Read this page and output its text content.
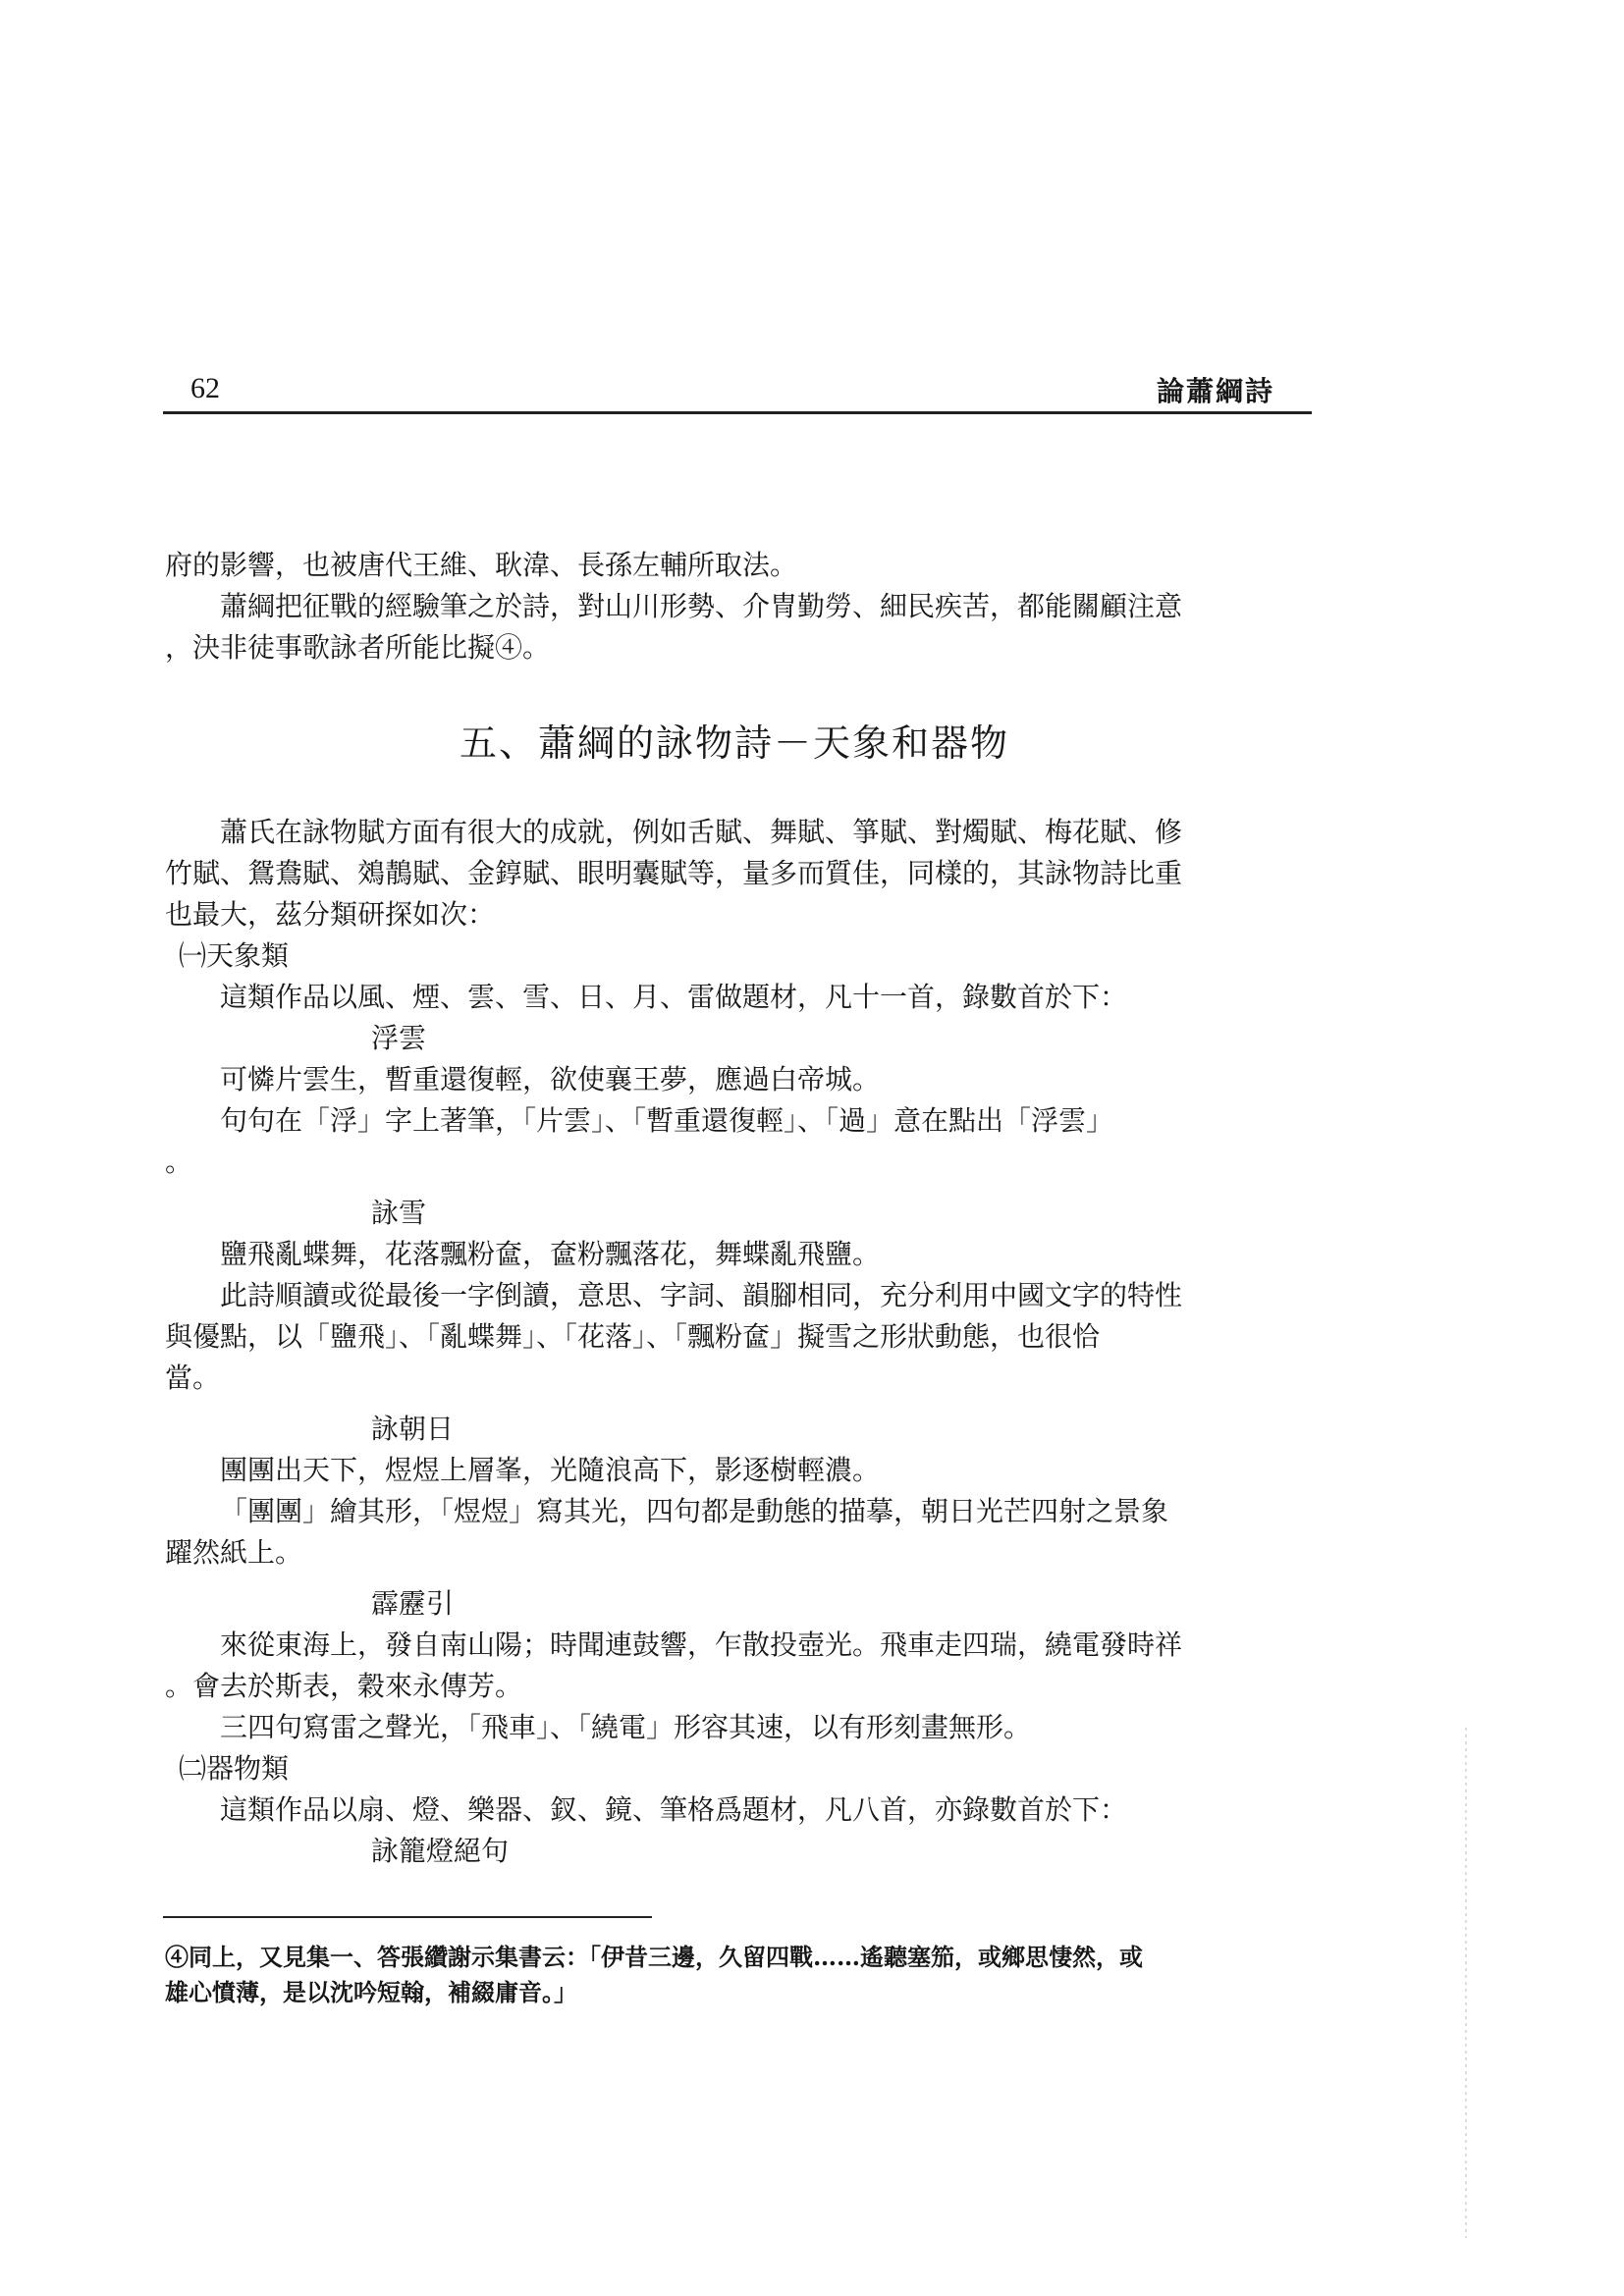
62	論蕭綱詩
府的影響，也被唐代王維、耿湋、長孫左輔所取法。
蕭綱把征戰的經驗筆之於詩，對山川形勢、介冑勤勞、細民疾苦，都能關顧注意
，決非徒事歌詠者所能比擬④。
五、蕭綱的詠物詩－天象和器物
蕭氏在詠物賦方面有很大的成就，例如舌賦、舞賦、箏賦、對燭賦、梅花賦、修
竹賦、鴛鴦賦、鵁鶄賦、金錞賦、眼明囊賦等，量多而質佳，同樣的，其詠物詩比重
也最大，茲分類研探如次：
㈠天象類
這類作品以風、煙、雲、雪、日、月、雷做題材，凡十一首，錄數首於下：
浮雲
可憐片雲生，暫重還復輕，欲使襄王夢，應過白帝城。
句句在「浮」字上著筆，「片雲」、「暫重還復輕」、「過」意在點出「浮雲」
。
詠雪
鹽飛亂蝶舞，花落飄粉奩，奩粉飄落花，舞蝶亂飛鹽。
此詩順讀或從最後一字倒讀，意思、字詞、韻腳相同，充分利用中國文字的特性
與優點，以「鹽飛」、「亂蝶舞」、「花落」、「飄粉奩」擬雪之形狀動態，也很恰
當。
詠朝日
團團出天下，煜煜上層峯，光隨浪高下，影逐樹輕濃。
「團團」繪其形，「煜煜」寫其光，四句都是動態的描摹，朝日光芒四射之景象
躍然紙上。
霹靂引
來從東海上，發自南山陽；時聞連鼓響，乍散投壺光。飛車走四瑞，繞電發時祥
。會去於斯表，穀來永傳芳。
三四句寫雷之聲光，「飛車」、「繞電」形容其速，以有形刻畫無形。
㈡器物類
這類作品以扇、燈、樂器、釵、鏡、筆格爲題材，凡八首，亦錄數首於下：
詠籠燈絕句
④同上，又見集一、答張纘謝示集書云：「伊昔三邊，久留四戰……遙聽塞笳，或鄉思悽然，或
雄心憤薄，是以沈吟短翰，補綴庸音。」
